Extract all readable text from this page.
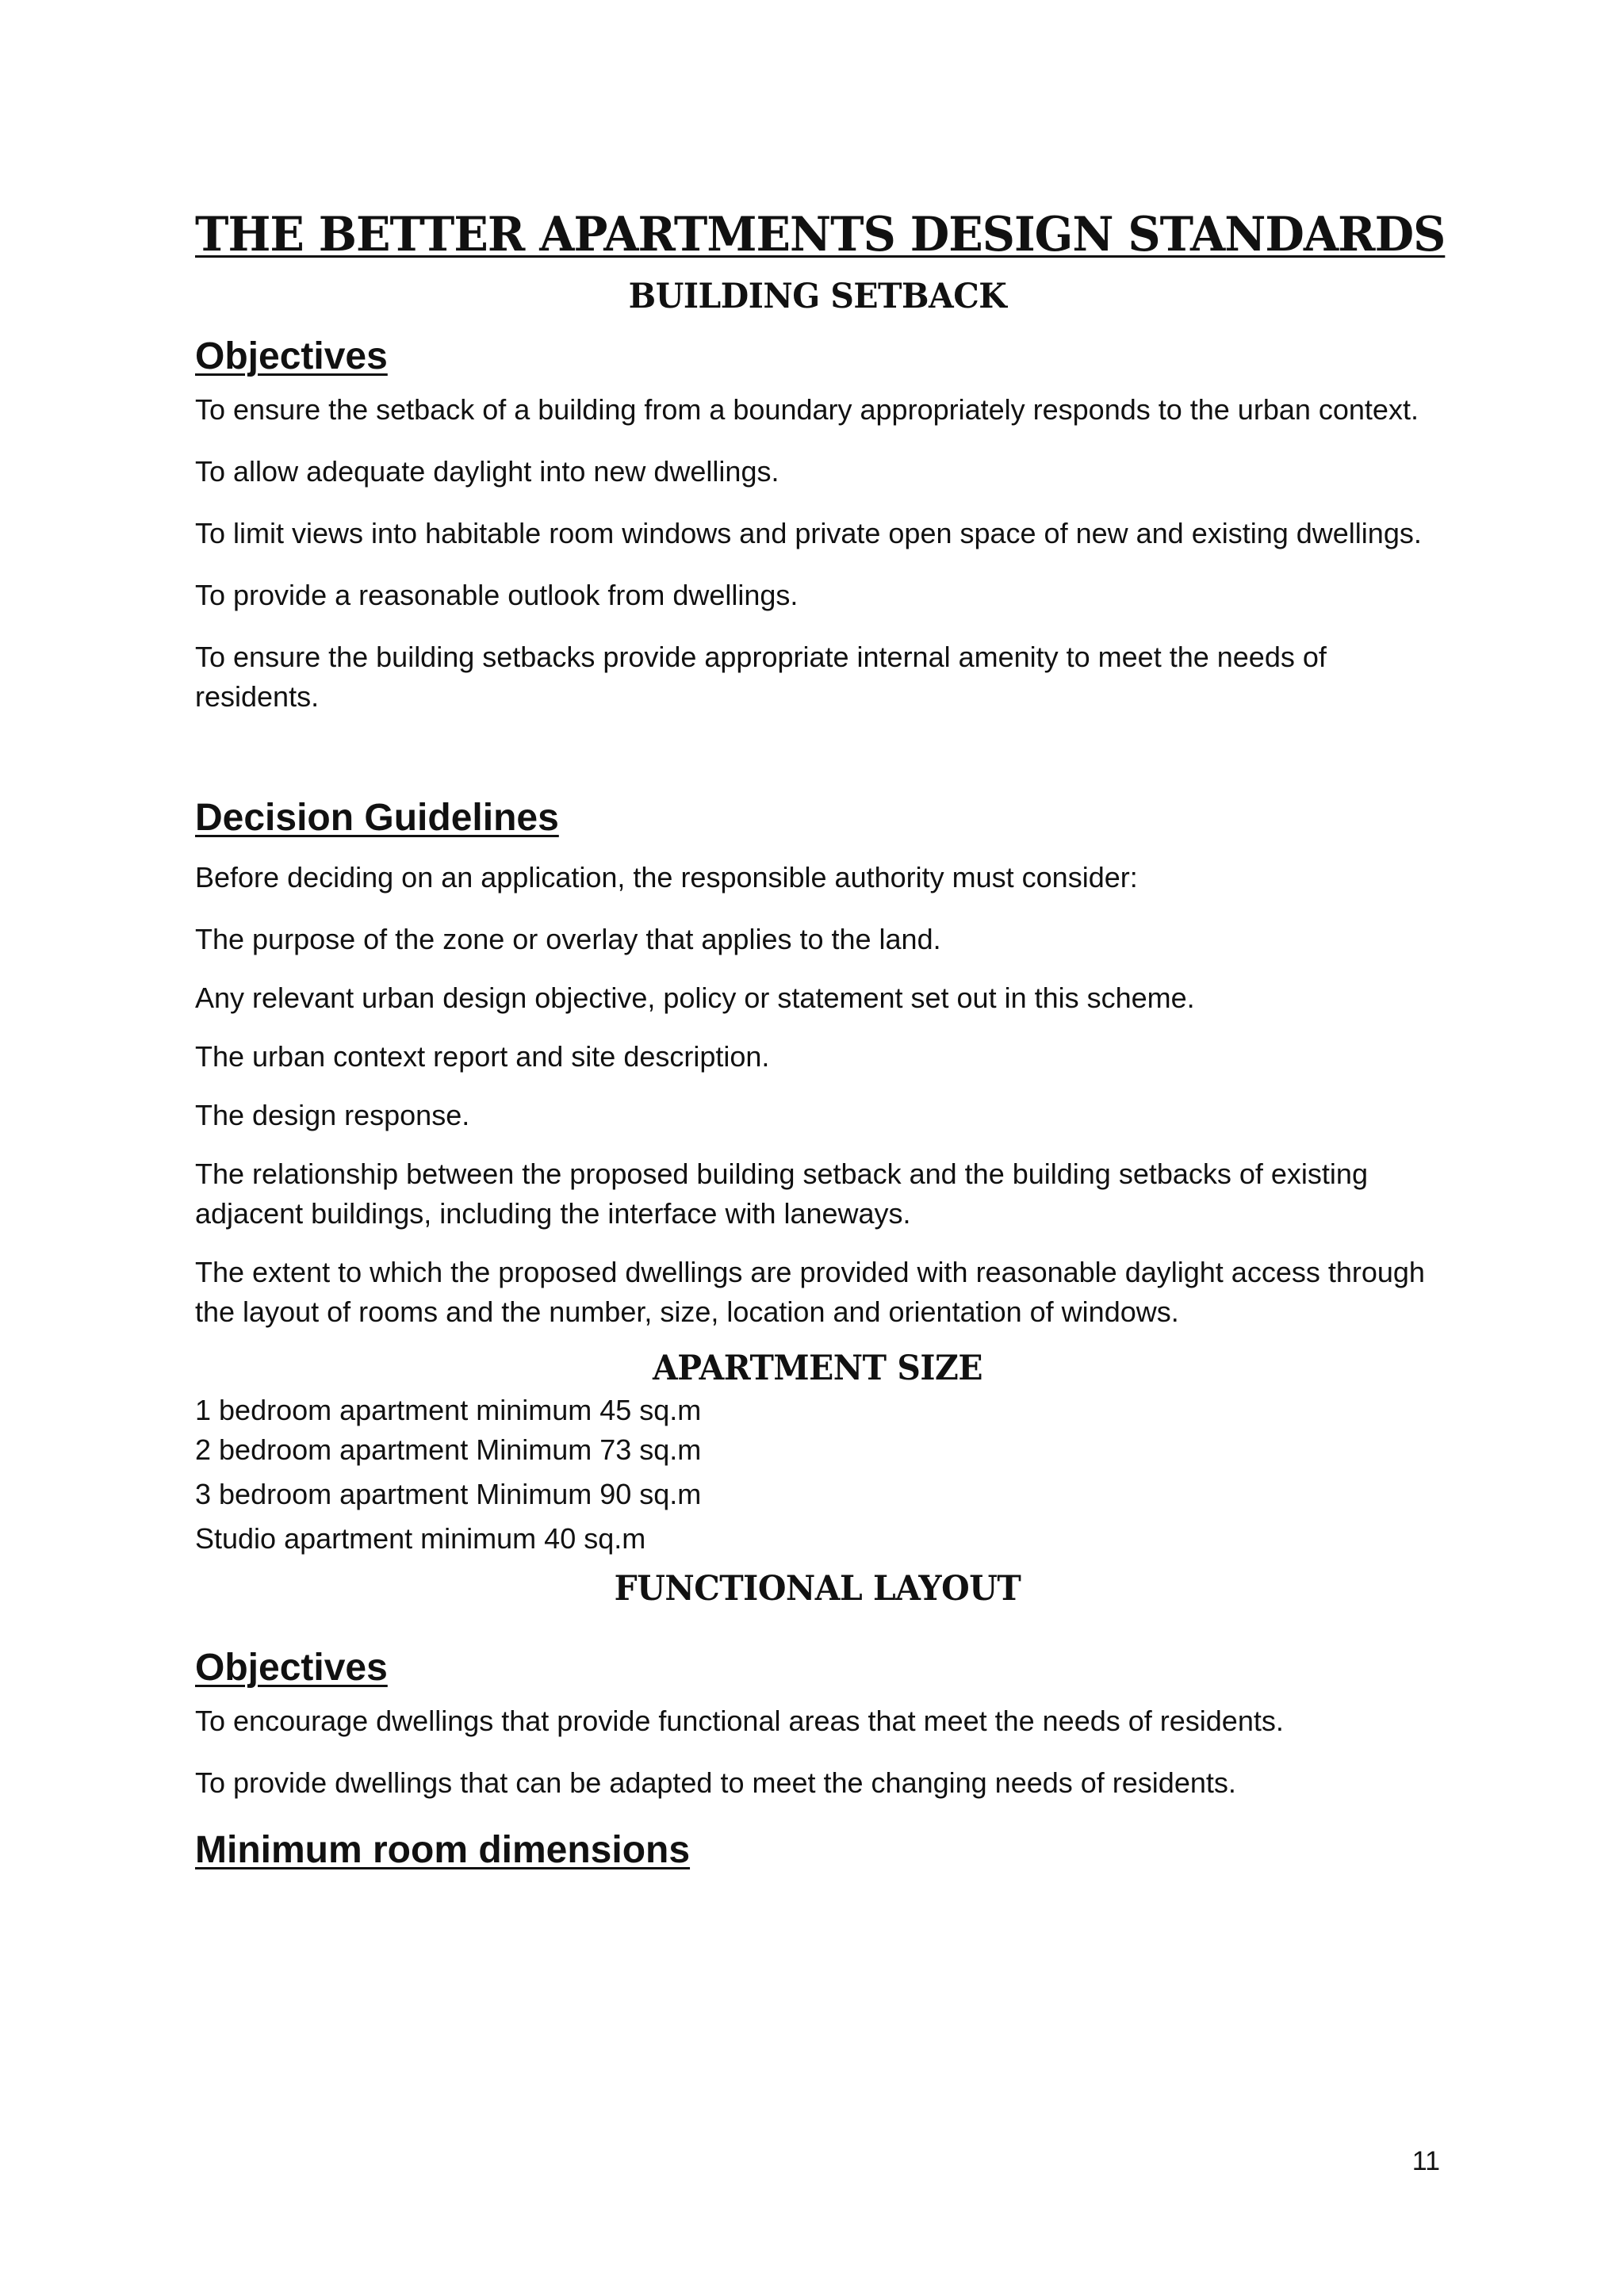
THE BETTER APARTMENTS DESIGN STANDARDS
BUILDING SETBACK
Objectives

To ensure the setback of a building from a boundary appropriately responds to the urban context.

To allow adequate daylight into new dwellings.

To limit views into habitable room windows and private open space of new and existing dwellings.

To provide a reasonable outlook from dwellings.

To ensure the building setbacks provide appropriate internal amenity to meet the needs of residents.

Decision Guidelines

Before deciding on an application, the responsible authority must consider:

The purpose of the zone or overlay that applies to the land.

Any relevant urban design objective, policy or statement set out in this scheme.

The urban context report and site description.

The design response.

The relationship between the proposed building setback and the building setbacks of existing adjacent buildings, including the interface with laneways.

The extent to which the proposed dwellings are provided with reasonable daylight access through the layout of rooms and the number, size, location and orientation of windows.

APARTMENT SIZE

1 bedroom apartment minimum 45 sq.m

2 bedroom apartment Minimum 73 sq.m

3 bedroom apartment Minimum 90 sq.m

Studio apartment minimum 40 sq.m

FUNCTIONAL LAYOUT
Objectives

To encourage dwellings that provide functional areas that meet the needs of residents.

To provide dwellings that can be adapted to meet the changing needs of residents.

Minimum room dimensions
11
